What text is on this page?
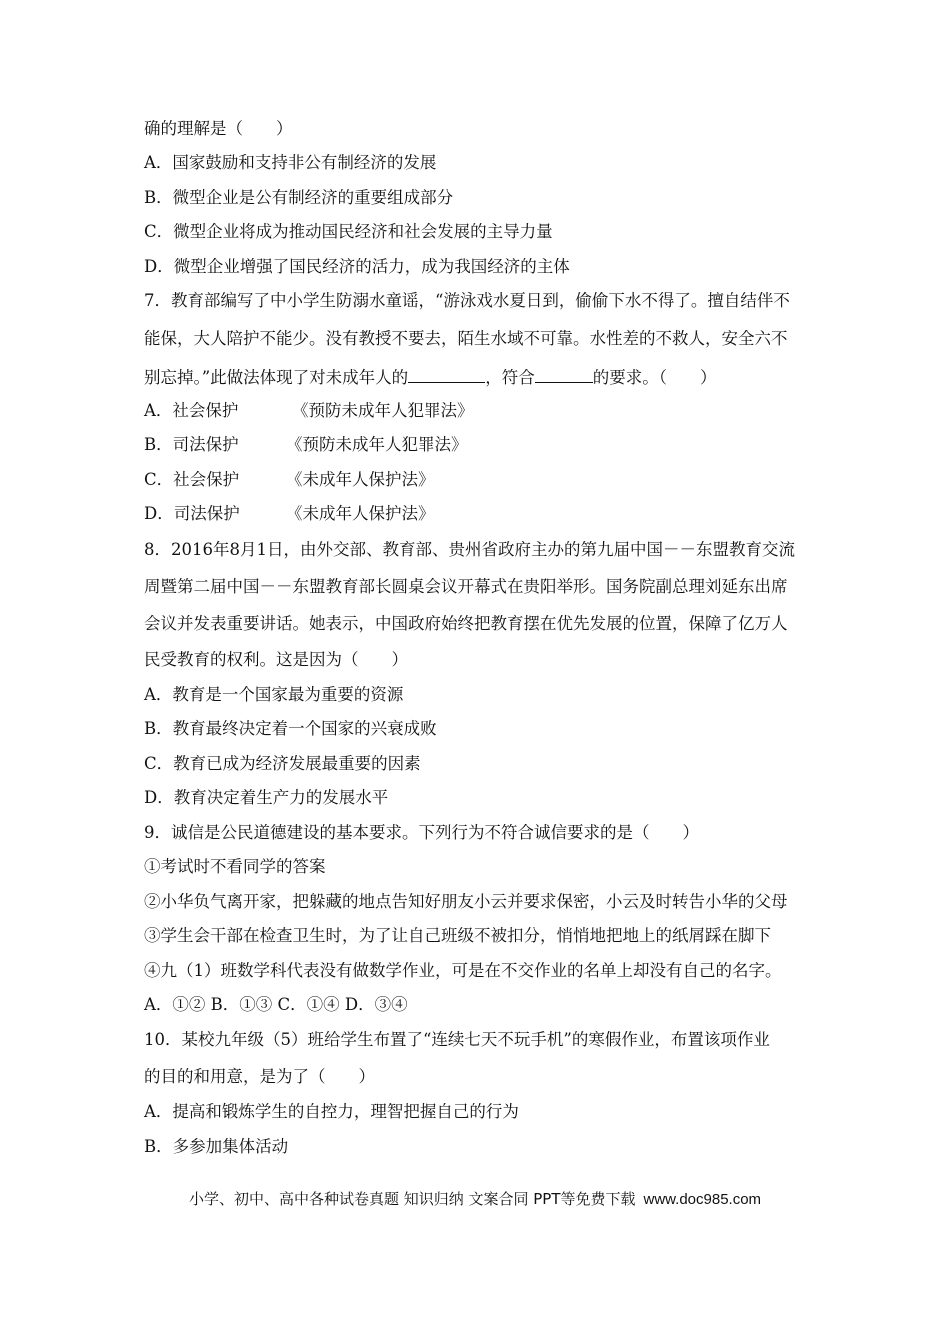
确的理解是（　　）
A．国家鼓励和支持非公有制经济的发展
B．微型企业是公有制经济的重要组成部分
C．微型企业将成为推动国民经济和社会发展的主导力量
D．微型企业增强了国民经济的活力，成为我国经济的主体
7．教育部编写了中小学生防溺水童谣，“游泳戏水夏日到，偷偷下水不得了。擅自结伴不
能保，大人陪护不能少。没有教授不要去，陌生水域不可靠。水性差的不救人，安全六不
别忘掉。”此做法体现了对未成年人的	，符合	的要求。（　　）
A．社会保护	《预防未成年人犯罪法》
B．司法保护	《预防未成年人犯罪法》
C．社会保护	《未成年人保护法》
D．司法保护	《未成年人保护法》
8．2016年8月1日，由外交部、教育部、贵州省政府主办的第九届中国－－东盟教育交流
周暨第二届中国－－东盟教育部长圆桌会议开幕式在贵阳举形。国务院副总理刘延东出席
会议并发表重要讲话。她表示，中国政府始终把教育摆在优先发展的位置，保障了亿万人
民受教育的权利。这是因为（　　）
A．教育是一个国家最为重要的资源
B．教育最终决定着一个国家的兴衰成败
C．教育已成为经济发展最重要的因素
D．教育决定着生产力的发展水平
9．诚信是公民道德建设的基本要求。下列行为不符合诚信要求的是（　　）
①考试时不看同学的答案
②小华负气离开家，把躲藏的地点告知好朋友小云并要求保密，小云及时转告小华的父母
③学生会干部在检查卫生时，为了让自己班级不被扣分，悄悄地把地上的纸屑踩在脚下
④九（1）班数学科代表没有做数学作业，可是在不交作业的名单上却没有自己的名字。
A．①② B．①③ C．①④ D．③④
10．某校九年级（5）班给学生布置了“连续七天不玩手机”的寒假作业，布置该项作业
的目的和用意，是为了（　　）
A．提高和锻炼学生的自控力，理智把握自己的行为
B．多参加集体活动
小学、初中、高中各种试卷真题 知识归纳 文案合同 PPT等免费下载 www.doc985.com
